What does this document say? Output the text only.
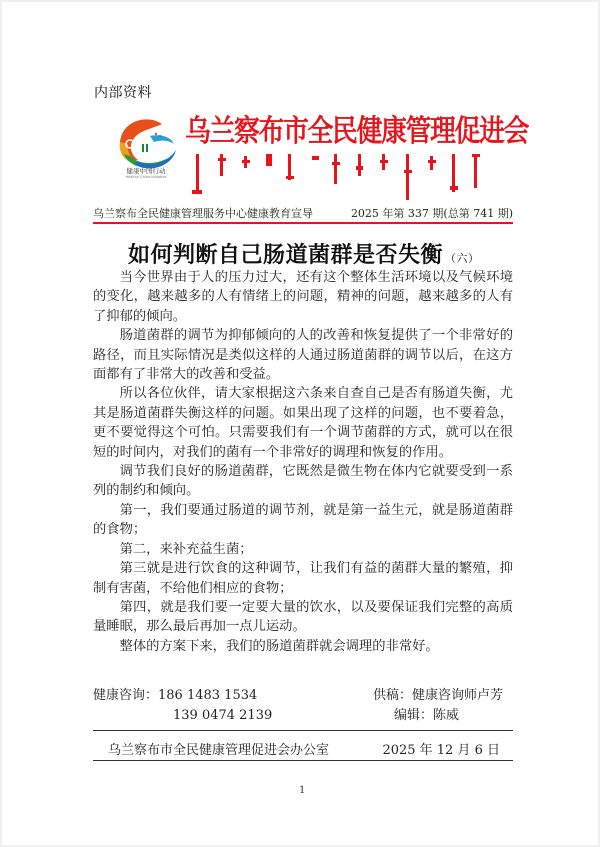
内部资料
健康中国行动
Healthy China Initiative
乌兰察布市全民健康管理促进会
乌兰察布全民健康管理服务中心健康教育宣导	2025 年第 337 期(总第 741 期)
如何判断自己肠道菌群是否失衡 （六）

当今世界由于人的压力过大，还有这个整体生活环境以及气候环境的变化，越来越多的人有情绪上的问题，精神的问题，越来越多的人有了抑郁的倾向。

肠道菌群的调节为抑郁倾向的人的改善和恢复提供了一个非常好的路径，而且实际情况是类似这样的人通过肠道菌群的调节以后，在这方面都有了非常大的改善和受益。

所以各位伙伴，请大家根据这六条来自查自己是否有肠道失衡，尤其是肠道菌群失衡这样的问题。如果出现了这样的问题，也不要着急，更不要觉得这个可怕。只需要我们有一个调节菌群的方式，就可以在很短的时间内，对我们的菌有一个非常好的调理和恢复的作用。

调节我们良好的肠道菌群，它既然是微生物在体内它就要受到一系列的制约和倾向。

第一，我们要通过肠道的调节剂，就是第一益生元，就是肠道菌群的食物；

第二，来补充益生菌；

第三就是进行饮食的这种调节，让我们有益的菌群大量的繁殖，抑制有害菌，不给他们相应的食物；

第四，就是我们要一定要大量的饮水，以及要保证我们完整的高质量睡眠，那么最后再加一点儿运动。

整体的方案下来，我们的肠道菌群就会调理的非常好。

健康咨询：186 1483 1534	供稿：健康咨询师卢芳
139 0474 2139	编辑：陈威
乌兰察布市全民健康管理促进会办公室	2025 年 12 月 6 日
1
